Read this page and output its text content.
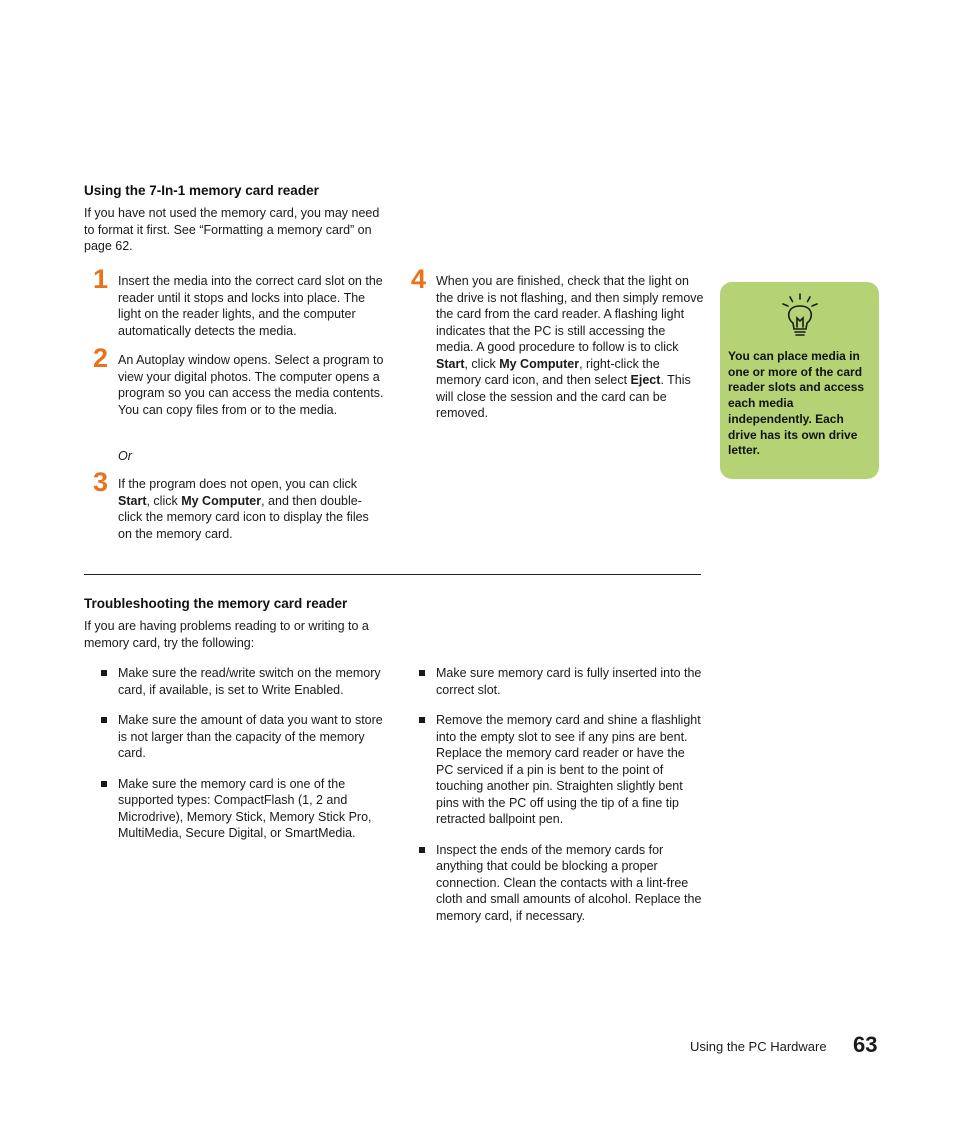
Using the 7-In-1 memory card reader

If you have not used the memory card, you may need to format it first. See “Formatting a memory card” on page 62.

1 Insert the media into the correct card slot on the reader until it stops and locks into place. The light on the reader lights, and the computer automatically detects the media.

2 An Autoplay window opens. Select a program to view your digital photos. The computer opens a program so you can access the media contents. You can copy files from or to the media.

Or
3 If the program does not open, you can click Start, click My Computer, and then double-click the memory card icon to display the files on the memory card.

4 When you are finished, check that the light on the drive is not flashing, and then simply remove the card from the card reader. A flashing light indicates that the PC is still accessing the media. A good procedure to follow is to click Start, click My Computer, right-click the memory card icon, and then select Eject. This will close the session and the card can be removed.

You can place media in one or more of the card reader slots and access each media independently. Each drive has its own drive letter.

Troubleshooting the memory card reader

If you are having problems reading to or writing to a memory card, try the following:

Make sure the read/write switch on the memory card, if available, is set to Write Enabled.
Make sure the amount of data you want to store is not larger than the capacity of the memory card.
Make sure the memory card is one of the supported types: CompactFlash (1, 2 and Microdrive), Memory Stick, Memory Stick Pro, MultiMedia, Secure Digital, or SmartMedia.
Make sure memory card is fully inserted into the correct slot.
Remove the memory card and shine a flashlight into the empty slot to see if any pins are bent. Replace the memory card reader or have the PC serviced if a pin is bent to the point of touching another pin. Straighten slightly bent pins with the PC off using the tip of a fine tip retracted ballpoint pen.
Inspect the ends of the memory cards for anything that could be blocking a proper connection. Clean the contacts with a lint-free cloth and small amounts of alcohol. Replace the memory card, if necessary.
Using the PC Hardware 63
